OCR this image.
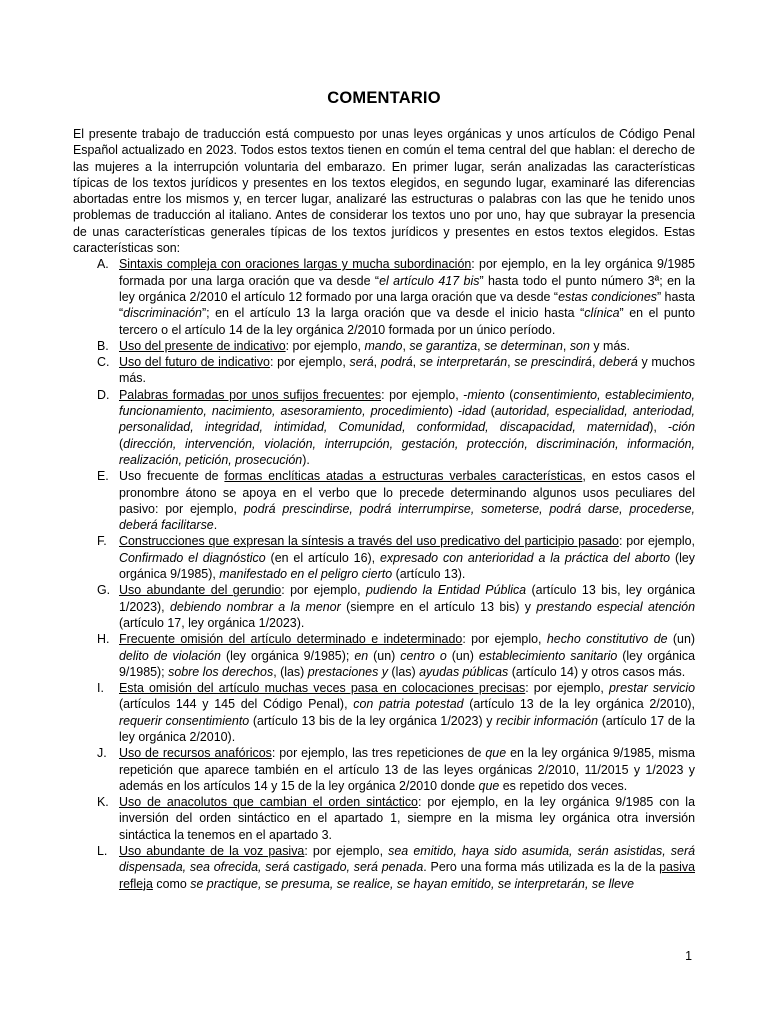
COMENTARIO

El presente trabajo de traducción está compuesto por unas leyes orgánicas y unos artículos de Código Penal Español actualizado en 2023. Todos estos textos tienen en común el tema central del que hablan: el derecho de las mujeres a la interrupción voluntaria del embarazo. En primer lugar, serán analizadas las características típicas de los textos jurídicos y presentes en los textos elegidos, en segundo lugar, examinaré las diferencias abortadas entre los mismos y, en tercer lugar, analizaré las estructuras o palabras con las que he tenido unos problemas de traducción al italiano. Antes de considerar los textos uno por uno, hay que subrayar la presencia de unas características generales típicas de los textos jurídicos y presentes en estos textos elegidos. Estas características son:

A. Sintaxis compleja con oraciones largas y mucha subordinación: por ejemplo, en la ley orgánica 9/1985 formada por una larga oración que va desde “el artículo 417 bis” hasta todo el punto número 3ª; en la ley orgánica 2/2010 el artículo 12 formado por una larga oración que va desde “estas condiciones” hasta “discriminación”; en el artículo 13 la larga oración que va desde el inicio hasta “clínica” en el punto tercero o el artículo 14 de la ley orgánica 2/2010 formada por un único período.
B. Uso del presente de indicativo: por ejemplo, mando, se garantiza, se determinan, son y más.
C. Uso del futuro de indicativo: por ejemplo, será, podrá, se interpretarán, se prescindirá, deberá y muchos más.
D. Palabras formadas por unos sufijos frecuentes: por ejemplo, -miento (consentimiento, establecimiento, funcionamiento, nacimiento, asesoramiento, procedimiento) -idad (autoridad, especialidad, anteriodad, personalidad, integridad, intimidad, Comunidad, conformidad, discapacidad, maternidad), -ción (dirección, intervención, violación, interrupción, gestación, protección, discriminación, información, realización, petición, prosecución).
E. Uso frecuente de formas enclíticas atadas a estructuras verbales características, en estos casos el pronombre átono se apoya en el verbo que lo precede determinando algunos usos peculiares del pasivo: por ejemplo, podrá prescindirse, podrá interrumpirse, someterse, podrá darse, procederse, deberá facilitarse.
F. Construcciones que expresan la síntesis a través del uso predicativo del participio pasado: por ejemplo, Confirmado el diagnóstico (en el artículo 16), expresado con anterioridad a la práctica del aborto (ley orgánica 9/1985), manifestado en el peligro cierto (artículo 13).
G. Uso abundante del gerundio: por ejemplo, pudiendo la Entidad Pública (artículo 13 bis, ley orgánica 1/2023), debiendo nombrar a la menor (siempre en el artículo 13 bis) y prestando especial atención (artículo 17, ley orgánica 1/2023).
H. Frecuente omisión del artículo determinado e indeterminado: por ejemplo, hecho constitutivo de (un) delito de violación (ley orgánica 9/1985); en (un) centro o (un) establecimiento sanitario (ley orgánica 9/1985); sobre los derechos, (las) prestaciones y (las) ayudas públicas (artículo 14) y otros casos más.
I. Esta omisión del artículo muchas veces pasa en colocaciones precisas: por ejemplo, prestar servicio (artículos 144 y 145 del Código Penal), con patria potestad (artículo 13 de la ley orgánica 2/2010), requerir consentimiento (artículo 13 bis de la ley orgánica 1/2023) y recibir información (artículo 17 de la ley orgánica 2/2010).
J. Uso de recursos anafóricos: por ejemplo, las tres repeticiones de que en la ley orgánica 9/1985, misma repetición que aparece también en el artículo 13 de las leyes orgánicas 2/2010, 11/2015 y 1/2023 y además en los artículos 14 y 15 de la ley orgánica 2/2010 donde que es repetido dos veces.
K. Uso de anacolutos que cambian el orden sintáctico: por ejemplo, en la ley orgánica 9/1985 con la inversión del orden sintáctico en el apartado 1, siempre en la misma ley orgánica otra inversión sintáctica la tenemos en el apartado 3.
L. Uso abundante de la voz pasiva: por ejemplo, sea emitido, haya sido asumida, serán asistidas, será dispensada, sea ofrecida, será castigado, será penada. Pero una forma más utilizada es la de la pasiva refleja como se practique, se presuma, se realice, se hayan emitido, se interpretarán, se lleve
1
